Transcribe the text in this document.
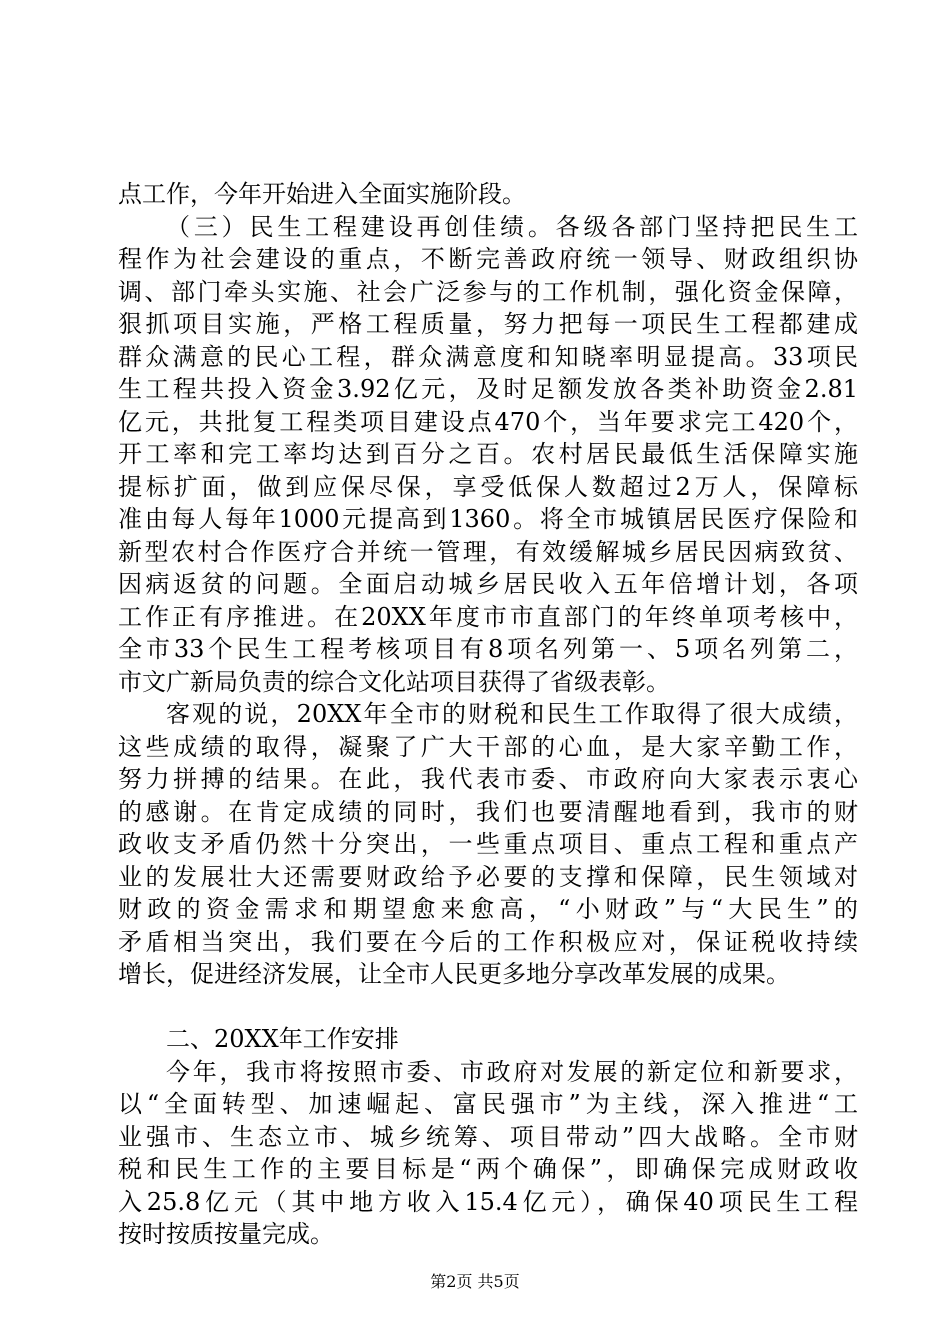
点工作，今年开始进入全面实施阶段。
（三）民生工程建设再创佳绩。各级各部门坚持把民生工
程作为社会建设的重点，不断完善政府统一领导、财政组织协
调、部门牵头实施、社会广泛参与的工作机制，强化资金保障，
狠抓项目实施，严格工程质量，努力把每一项民生工程都建成
群众满意的民心工程，群众满意度和知晓率明显提高。33项民
生工程共投入资金3.92亿元，及时足额发放各类补助资金2.81
亿元，共批复工程类项目建设点470个，当年要求完工420个，
开工率和完工率均达到百分之百。农村居民最低生活保障实施
提标扩面，做到应保尽保，享受低保人数超过2万人，保障标
准由每人每年1000元提高到1360。将全市城镇居民医疗保险和
新型农村合作医疗合并统一管理，有效缓解城乡居民因病致贫、
因病返贫的问题。全面启动城乡居民收入五年倍增计划，各项
工作正有序推进。在20XX年度市市直部门的年终单项考核中，
全市33个民生工程考核项目有8项名列第一、5项名列第二，
市文广新局负责的综合文化站项目获得了省级表彰。
客观的说，20XX年全市的财税和民生工作取得了很大成绩，
这些成绩的取得，凝聚了广大干部的心血，是大家辛勤工作，
努力拼搏的结果。在此，我代表市委、市政府向大家表示衷心
的感谢。在肯定成绩的同时，我们也要清醒地看到，我市的财
政收支矛盾仍然十分突出，一些重点项目、重点工程和重点产
业的发展壮大还需要财政给予必要的支撑和保障，民生领域对
财政的资金需求和期望愈来愈高，“小财政”与“大民生”的
矛盾相当突出，我们要在今后的工作积极应对，保证税收持续
增长，促进经济发展，让全市人民更多地分享改革发展的成果。
二、20XX年工作安排
今年，我市将按照市委、市政府对发展的新定位和新要求，
以“全面转型、加速崛起、富民强市”为主线，深入推进“工
业强市、生态立市、城乡统筹、项目带动”四大战略。全市财
税和民生工作的主要目标是“两个确保”，即确保完成财政收
入25.8亿元（其中地方收入15.4亿元），确保40项民生工程
按时按质按量完成。
第2页 共5页
